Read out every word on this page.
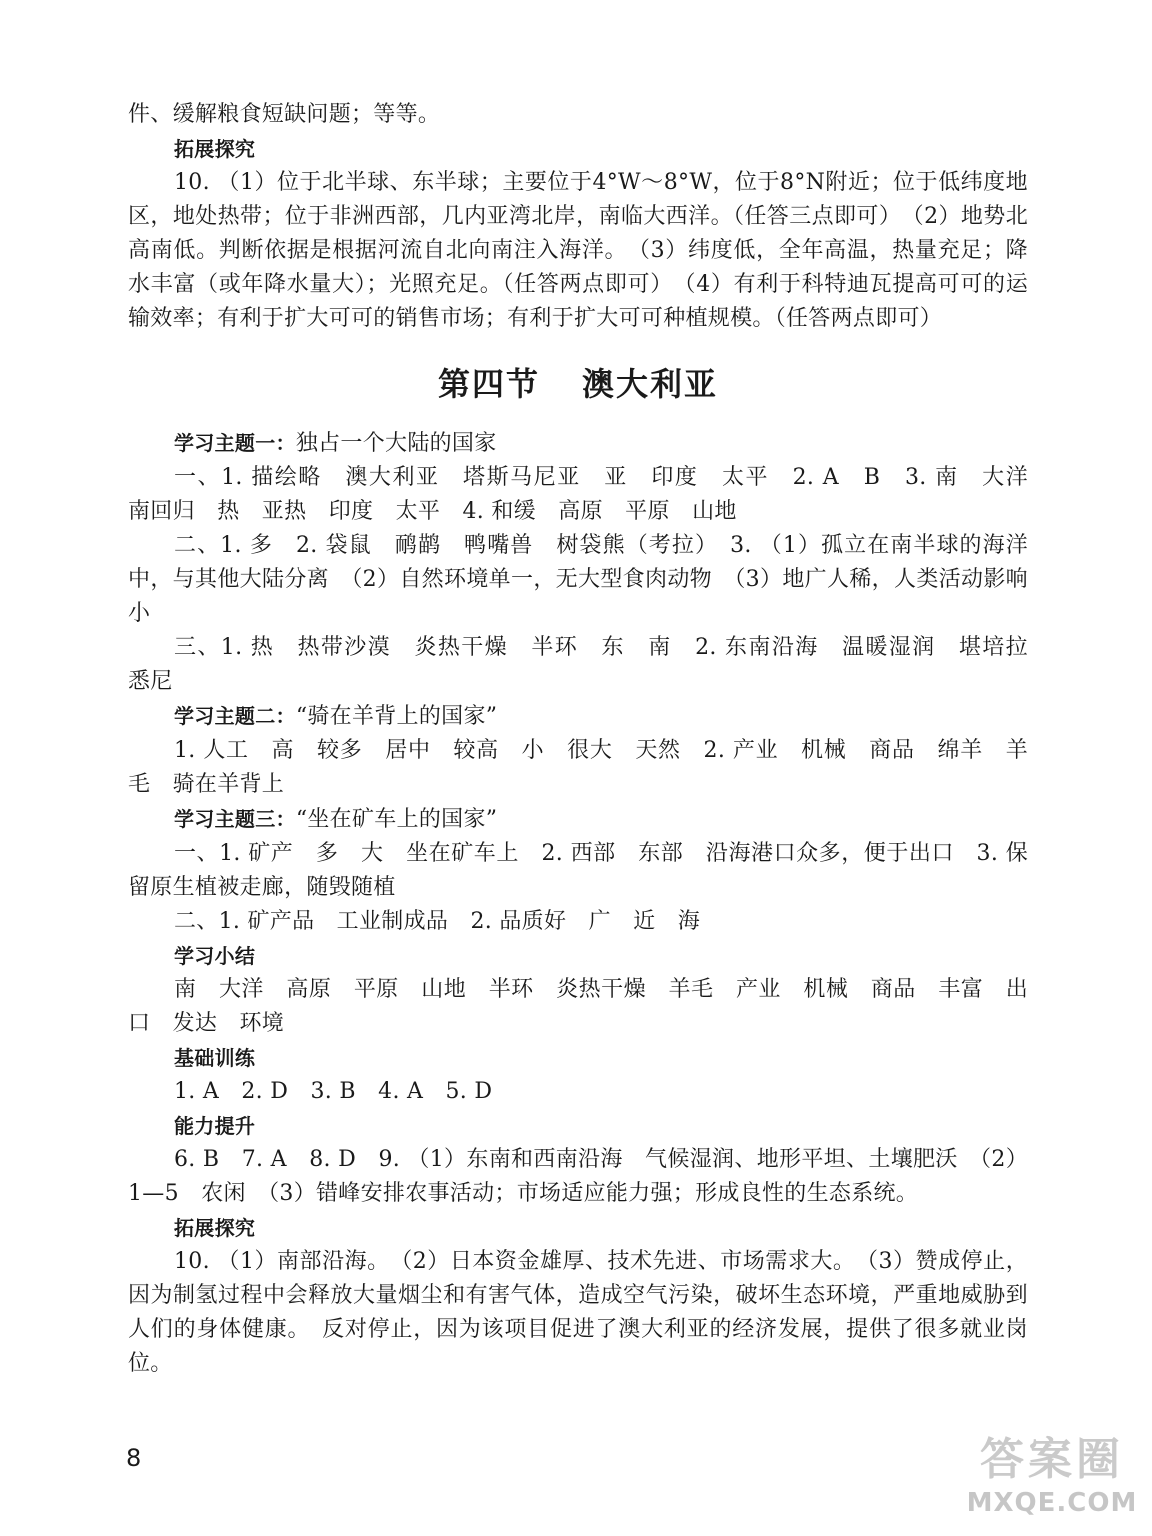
件、缓解粮食短缺问题；等等。

拓展探究

10. （1）位于北半球、东半球；主要位于4°W～8°W，位于8°N附近；位于低纬度地区，地处热带；位于非洲西部，几内亚湾北岸，南临大西洋。（任答三点即可）　（2）地势北高南低。判断依据是根据河流自北向南注入海洋。　（3）纬度低，全年高温，热量充足；降水丰富（或年降水量大）；光照充足。（任答两点即可）　（4）有利于科特迪瓦提高可可的运输效率；有利于扩大可可的销售市场；有利于扩大可可种植规模。（任答两点即可）

第四节 澳大利亚

学习主题一：独占一个大陆的国家

一、1. 描绘略　澳大利亚　塔斯马尼亚　亚　印度　太平　2. A　B　3. 南　大洋　南回归　热　亚热　印度　太平　4. 和缓　高原　平原　山地

二、1. 多　2. 袋鼠　鸸鹋　鸭嘴兽　树袋熊（考拉）　3. （1）孤立在南半球的海洋中，与其他大陆分离　（2）自然环境单一，无大型食肉动物　（3）地广人稀，人类活动影响小

三、1. 热　热带沙漠　炎热干燥　半环　东　南　2. 东南沿海　温暖湿润　堪培拉　悉尼

学习主题二：“骑在羊背上的国家”

1. 人工　高　较多　居中　较高　小　很大　天然　2. 产业　机械　商品　绵羊　羊毛　骑在羊背上

学习主题三：“坐在矿车上的国家”

一、1. 矿产　多　大　坐在矿车上　2. 西部　东部　沿海港口众多，便于出口　3. 保留原生植被走廊，随毁随植

二、1. 矿产品　工业制成品　2. 品质好　广　近　海

学习小结

南　大洋　高原　平原　山地　半环　炎热干燥　羊毛　产业　机械　商品　丰富　出口　发达　环境

基础训练

1. A　2. D　3. B　4. A　5. D

能力提升

6. B　7. A　8. D　9. （1）东南和西南沿海　气候湿润、地形平坦、土壤肥沃　（2）1—5　农闲　（3）错峰安排农事活动；市场适应能力强；形成良性的生态系统。

拓展探究

10. （1）南部沿海。　（2）日本资金雄厚、技术先进、市场需求大。　（3）赞成停止，因为制氢过程中会释放大量烟尘和有害气体，造成空气污染，破坏生态环境，严重地威胁到人们的身体健康。　反对停止，因为该项目促进了澳大利亚的经济发展，提供了很多就业岗位。

8	答案圈
MXQE.COM
